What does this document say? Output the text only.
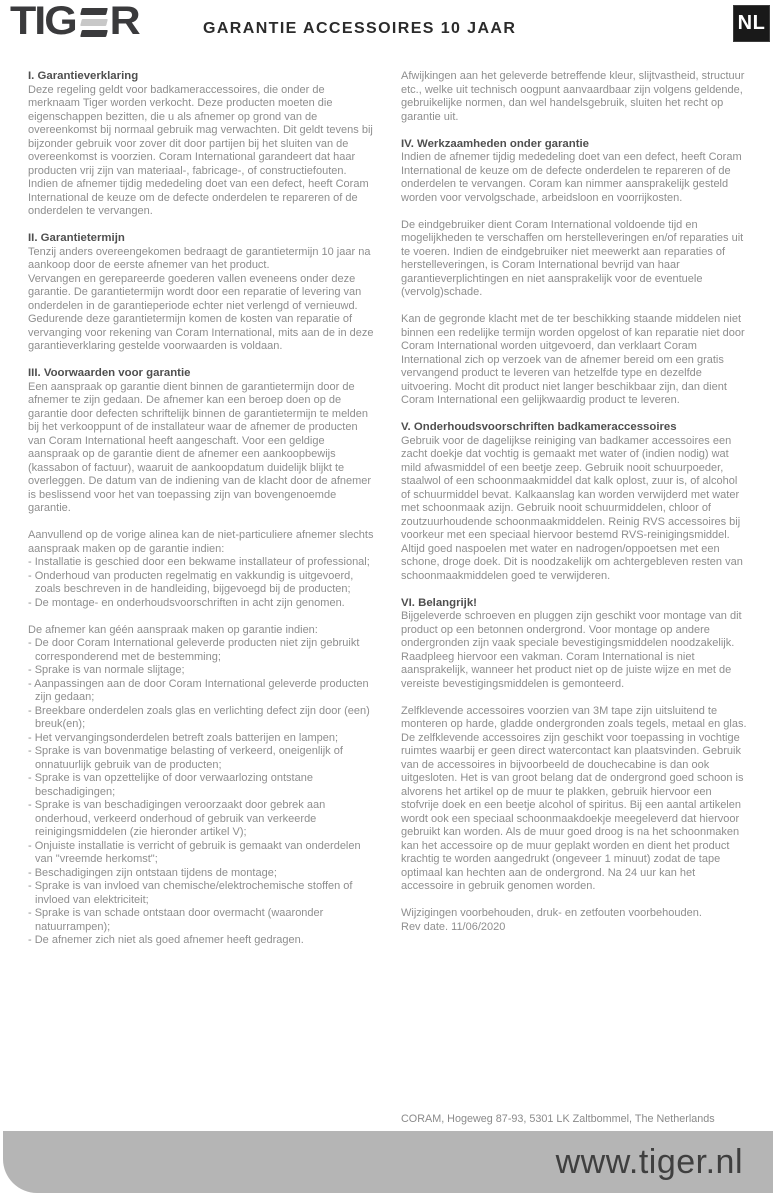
TIG R	GARANTIE ACCESSOIRES 10 JAAR	NL
I. Garantieverklaring
Deze regeling geldt voor badkameraccessoires, die onder de merknaam Tiger worden verkocht. Deze producten moeten die eigenschappen bezitten, die u als afnemer op grond van de overeenkomst bij normaal gebruik mag verwachten. Dit geldt tevens bij bijzonder gebruik voor zover dit door partijen bij het sluiten van de overeenkomst is voorzien. Coram International garandeert dat haar producten vrij zijn van materiaal-, fabricage-, of constructiefouten. Indien de afnemer tijdig mededeling doet van een defect, heeft Coram International de keuze om de defecte onderdelen te repareren of de onderdelen te vervangen.
II. Garantietermijn
Tenzij anders overeengekomen bedraagt de garantietermijn 10 jaar na aankoop door de eerste afnemer van het product.
Vervangen en gerepareerde goederen vallen eveneens onder deze garantie. De garantietermijn wordt door een reparatie of levering van onderdelen in de garantieperiode echter niet verlengd of vernieuwd.
Gedurende deze garantietermijn komen de kosten van reparatie of vervanging voor rekening van Coram International, mits aan de in deze garantieverklaring gestelde voorwaarden is voldaan.
III. Voorwaarden voor garantie
Een aanspraak op garantie dient binnen de garantietermijn door de afnemer te zijn gedaan. De afnemer kan een beroep doen op de garantie door defecten schriftelijk binnen de garantietermijn te melden bij het verkooppunt of de installateur waar de afnemer de producten van Coram International heeft aangeschaft. Voor een geldige aanspraak op de garantie dient de afnemer een aankoopbewijs (kassabon of factuur), waaruit de aankoopdatum duidelijk blijkt te overleggen. De datum van de indiening van de klacht door de afnemer is beslissend voor het van toepassing zijn van bovengenoemde garantie.
Aanvullend op de vorige alinea kan de niet-particuliere afnemer slechts aanspraak maken op de garantie indien:
- Installatie is geschied door een bekwame installateur of professional;
- Onderhoud van producten regelmatig en vakkundig is uitgevoerd, zoals beschreven in de handleiding, bijgevoegd bij de producten;
- De montage- en onderhoudsvoorschriften in acht zijn genomen.
De afnemer kan géén aanspraak maken op garantie indien:
- De door Coram International geleverde producten niet zijn gebruikt corresponderend met de bestemming;
- Sprake is van normale slijtage;
- Aanpassingen aan de door Coram International geleverde producten zijn gedaan;
- Breekbare onderdelen zoals glas en verlichting defect zijn door (een) breuk(en);
- Het vervangingsonderdelen betreft zoals batterijen en lampen;
- Sprake is van bovenmatige belasting of verkeerd, oneigenlijk of onnatuurlijk gebruik van de producten;
- Sprake is van opzettelijke of door verwaarlozing ontstane beschadigingen;
- Sprake is van beschadigingen veroorzaakt door gebrek aan onderhoud, verkeerd onderhoud of gebruik van verkeerde reinigingsmiddelen (zie hieronder artikel V);
- Onjuiste installatie is verricht of gebruik is gemaakt van onderdelen van "vreemde herkomst";
- Beschadigingen zijn ontstaan tijdens de montage;
- Sprake is van invloed van chemische/elektrochemische stoffen of invloed van elektriciteit;
- Sprake is van schade ontstaan door overmacht (waaronder natuurrampen);
- De afnemer zich niet als goed afnemer heeft gedragen.
Afwijkingen aan het geleverde betreffende kleur, slijtvastheid, structuur etc., welke uit technisch oogpunt aanvaardbaar zijn volgens geldende, gebruikelijke normen, dan wel handelsgebruik, sluiten het recht op garantie uit.
IV. Werkzaamheden onder garantie
Indien de afnemer tijdig mededeling doet van een defect, heeft Coram International de keuze om de defecte onderdelen te repareren of de onderdelen te vervangen. Coram kan nimmer aansprakelijk gesteld worden voor vervolgschade, arbeidsloon en voorrijkosten.
De eindgebruiker dient Coram International voldoende tijd en mogelijkheden te verschaffen om herstelleveringen en/of reparaties uit te voeren. Indien de eindgebruiker niet meewerkt aan reparaties of herstelleveringen, is Coram International bevrijd van haar garantieverplichtingen en niet aansprakelijk voor de eventuele (vervolg)schade.
Kan de gegronde klacht met de ter beschikking staande middelen niet binnen een redelijke termijn worden opgelost of kan reparatie niet door Coram International worden uitgevoerd, dan verklaart Coram International zich op verzoek van de afnemer bereid om een gratis vervangend product te leveren van hetzelfde type en dezelfde uitvoering. Mocht dit product niet langer beschikbaar zijn, dan dient Coram International een gelijkwaardig product te leveren.
V. Onderhoudsvoorschriften badkameraccessoires
Gebruik voor de dagelijkse reiniging van badkamer accessoires een zacht doekje dat vochtig is gemaakt met water of (indien nodig) wat mild afwasmiddel of een beetje zeep. Gebruik nooit schuurpoeder, staalwol of een schoonmaakmiddel dat kalk oplost, zuur is, of alcohol of schuurmiddel bevat. Kalkaanslag kan worden verwijderd met water met schoonmaak azijn. Gebruik nooit schuurmiddelen, chloor of zoutzuurhoudende schoonmaakmiddelen. Reinig RVS accessoires bij voorkeur met een speciaal hiervoor bestemd RVS-reinigingsmiddel. Altijd goed naspoelen met water en nadrogen/oppoetsen met een schone, droge doek. Dit is noodzakelijk om achtergebleven resten van schoonmaakmiddelen goed te verwijderen.
VI. Belangrijk!
Bijgeleverde schroeven en pluggen zijn geschikt voor montage van dit product op een betonnen ondergrond. Voor montage op andere ondergronden zijn vaak speciale bevestigingsmiddelen noodzakelijk. Raadpleeg hiervoor een vakman. Coram International is niet aansprakelijk, wanneer het product niet op de juiste wijze en met de vereiste bevestigingsmiddelen is gemonteerd.
Zelfklevende accessoires voorzien van 3M tape zijn uitsluitend te monteren op harde, gladde ondergronden zoals tegels, metaal en glas. De zelfklevende accessoires zijn geschikt voor toepassing in vochtige ruimtes waarbij er geen direct watercontact kan plaatsvinden. Gebruik van de accessoires in bijvoorbeeld de douchecabine is dan ook uitgesloten. Het is van groot belang dat de ondergrond goed schoon is alvorens het artikel op de muur te plakken, gebruik hiervoor een stofvrije doek en een beetje alcohol of spiritus. Bij een aantal artikelen wordt ook een speciaal schoonmaakdoekje meegeleverd dat hiervoor gebruikt kan worden. Als de muur goed droog is na het schoonmaken kan het accessoire op de muur geplakt worden en dient het product krachtig te worden aangedrukt (ongeveer 1 minuut) zodat de tape optimaal kan hechten aan de ondergrond. Na 24 uur kan het accessoire in gebruik genomen worden.
Wijzigingen voorbehouden, druk- en zetfouten voorbehouden.
Rev date. 11/06/2020
CORAM, Hogeweg 87-93, 5301 LK Zaltbommel, The Netherlands
www.tiger.nl
